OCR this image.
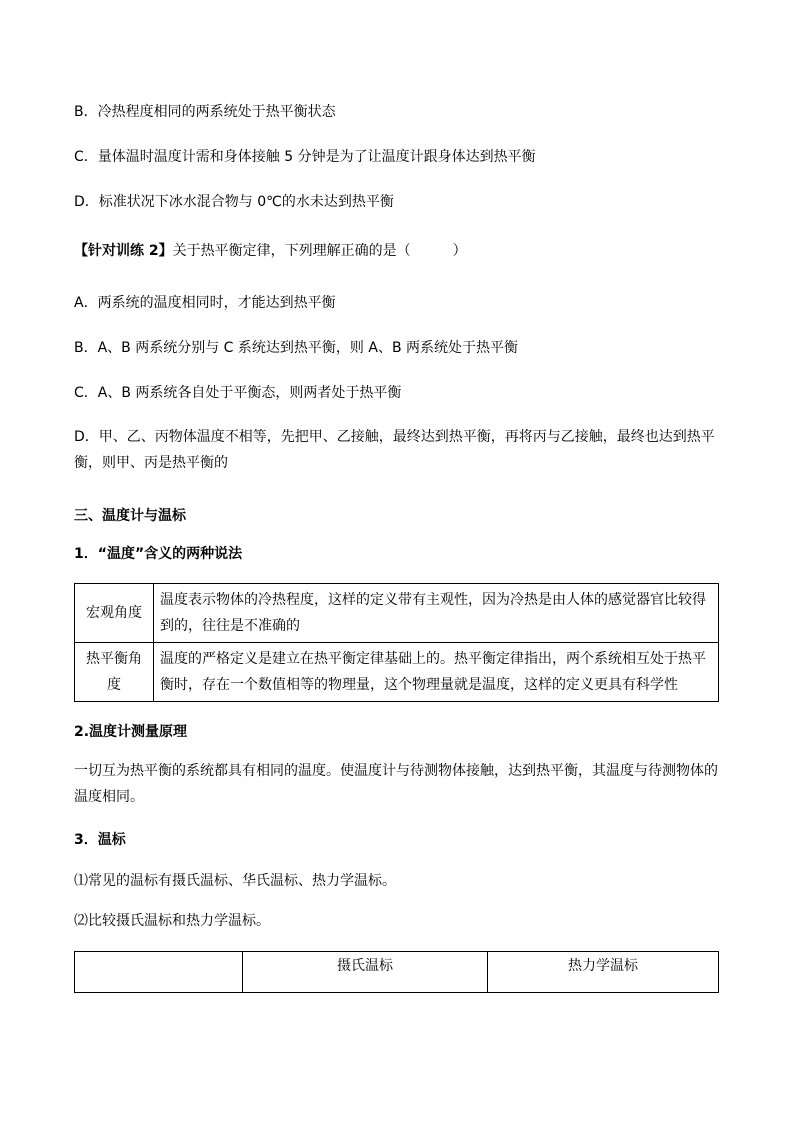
B．冷热程度相同的两系统处于热平衡状态
C．量体温时温度计需和身体接触 5 分钟是为了让温度计跟身体达到热平衡
D．标准状况下冰水混合物与 0℃的水未达到热平衡
【针对训练 2】关于热平衡定律，下列理解正确的是（　　　）
A．两系统的温度相同时，才能达到热平衡
B．A、B 两系统分别与 C 系统达到热平衡，则 A、B 两系统处于热平衡
C．A、B 两系统各自处于平衡态，则两者处于热平衡
D．甲、乙、丙物体温度不相等，先把甲、乙接触，最终达到热平衡，再将丙与乙接触，最终也达到热平衡，则甲、丙是热平衡的
三、温度计与温标
1．“温度”含义的两种说法
宏观角度	温度表示物体的冷热程度，这样的定义带有主观性，因为冷热是由人体的感觉器官比较得到的，往往是不准确的
热平衡角度	温度的严格定义是建立在热平衡定律基础上的。热平衡定律指出，两个系统相互处于热平衡时，存在一个数值相等的物理量，这个物理量就是温度，这样的定义更具有科学性
2.温度计测量原理
一切互为热平衡的系统都具有相同的温度。使温度计与待测物体接触，达到热平衡，其温度与待测物体的温度相同。
3．温标
⑴常见的温标有摄氏温标、华氏温标、热力学温标。
⑵比较摄氏温标和热力学温标。
	摄氏温标	热力学温标
